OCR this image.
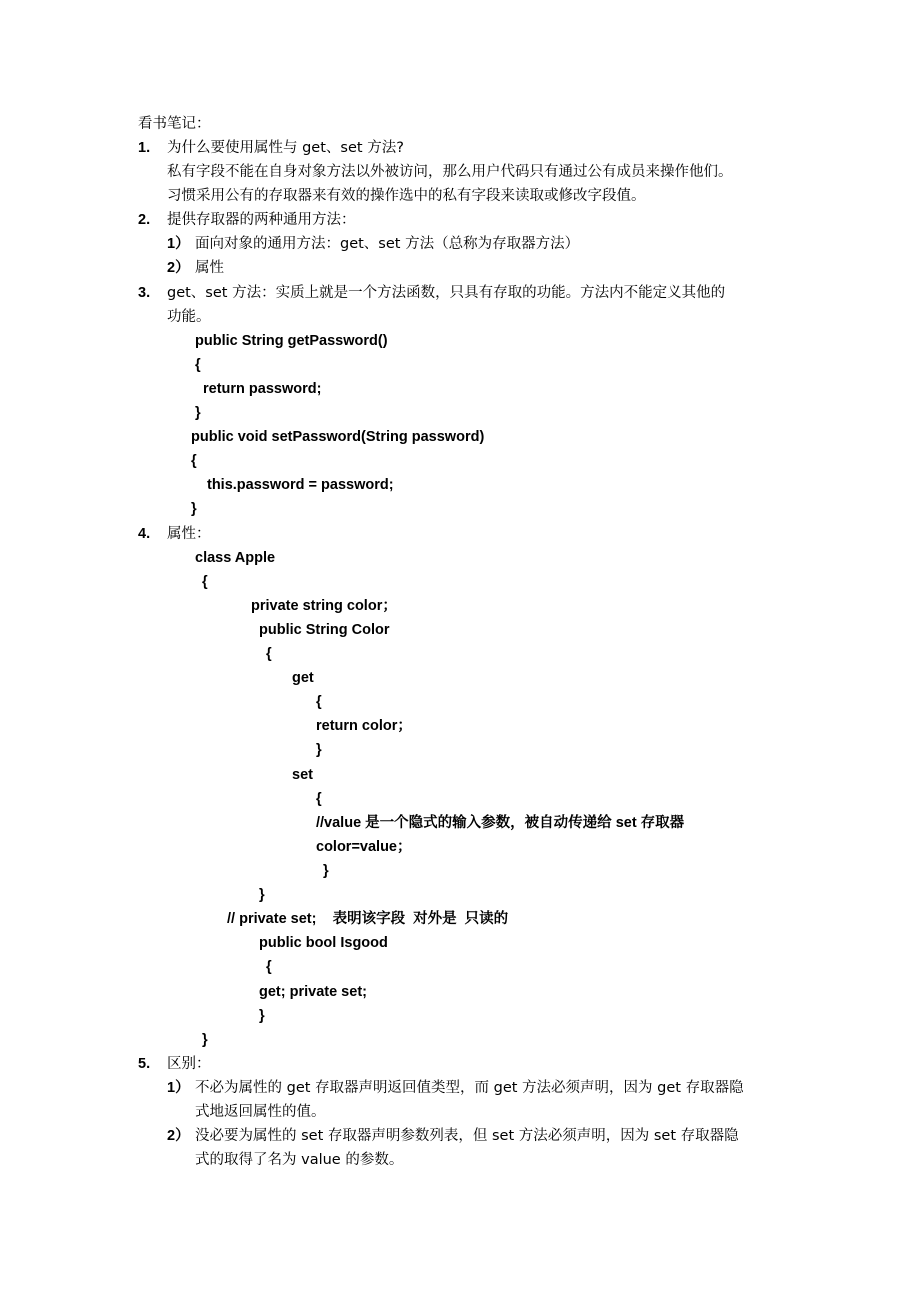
看书笔记：
1. 为什么要使用属性与 get、set 方法?
私有字段不能在自身对象方法以外被访问，那么用户代码只有通过公有成员来操作他们。
习惯采用公有的存取器来有效的操作选中的私有字段来读取或修改字段值。
2. 提供存取器的两种通用方法：
1） 面向对象的通用方法：get、set 方法（总称为存取器方法）
2） 属性
3. get、set 方法：实质上就是一个方法函数，只具有存取的功能。方法内不能定义其他的
功能。
public String getPassword()
{
return password;
}
public void setPassword(String password)
{
this.password = password;
}
4. 属性：
class Apple
{
private string color；
public String Color
{
get
{
return color；
}
set
{
//value 是一个隐式的输入参数，被自动传递给 set 存取器
color=value；
}
}
// private set;    表明该字段  对外是  只读的
public bool Isgood
{
get; private set;
}
}
5. 区别：
1） 不必为属性的 get 存取器声明返回值类型，而 get 方法必须声明，因为 get 存取器隐
式地返回属性的值。
2） 没必要为属性的 set 存取器声明参数列表，但 set 方法必须声明，因为 set 存取器隐
式的取得了名为 value 的参数。
